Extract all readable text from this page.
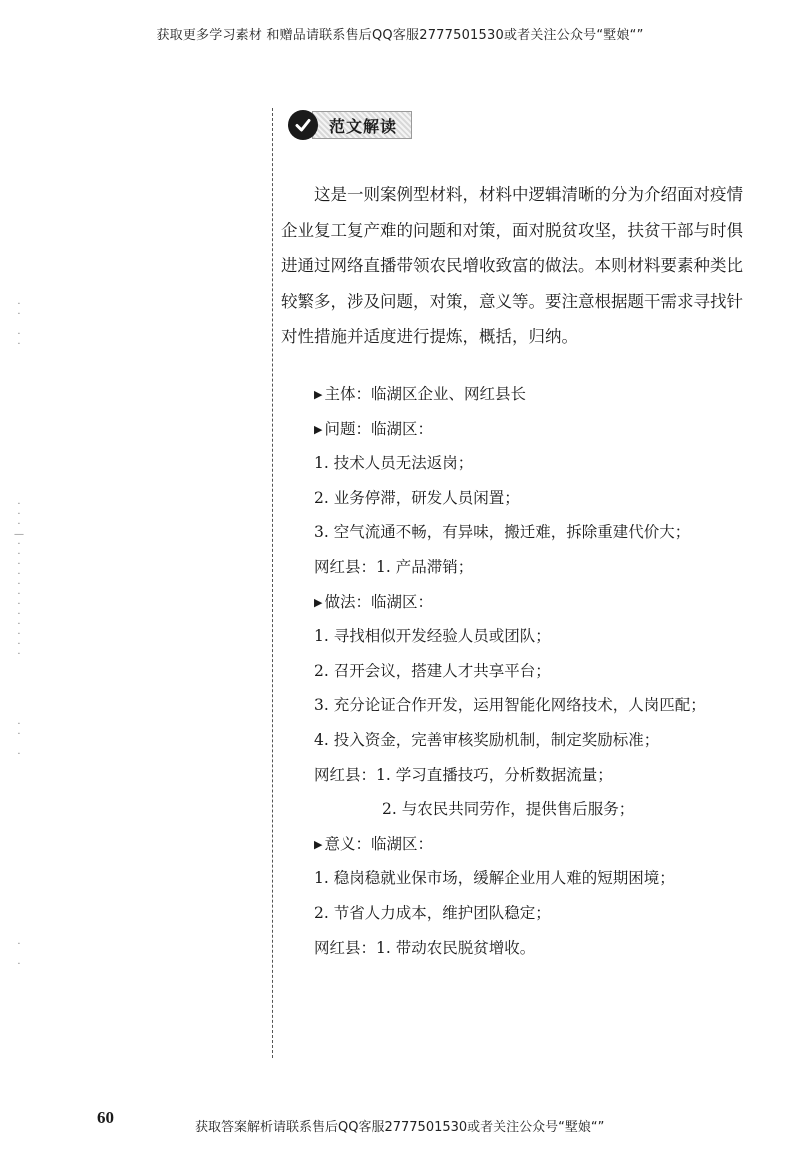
获取更多学习素材 和赠品请联系售后QQ客服2777501530或者关注公众号“墅娘“”
·
·

·
·
·
·
·
—
·
·
·
·
·
·
·
·
·
·
·
·
·
·

·
·

·
范文解读
　　这是一则案例型材料，材料中逻辑清晰的分为介绍面对疫情
企业复工复产难的问题和对策，面对脱贫攻坚，扶贫干部与时俱
进通过网络直播带领农民增收致富的做法。本则材料要素种类比
较繁多，涉及问题，对策，意义等。要注意根据题干需求寻找针
对性措施并适度进行提炼，概括，归纳。
▶ 主体：临湖区企业、网红县长
▶ 问题：临湖区：
1. 技术人员无法返岗；
2. 业务停滞，研发人员闲置；
3. 空气流通不畅，有异味，搬迁难，拆除重建代价大；
网红县：1. 产品滞销；
▶ 做法：临湖区：
1. 寻找相似开发经验人员或团队；
2. 召开会议，搭建人才共享平台；
3. 充分论证合作开发，运用智能化网络技术，人岗匹配；
4. 投入资金，完善审核奖励机制，制定奖励标准；
网红县：1. 学习直播技巧，分析数据流量；
2. 与农民共同劳作，提供售后服务；
▶ 意义：临湖区：
1. 稳岗稳就业保市场，缓解企业用人难的短期困境；
2. 节省人力成本，维护团队稳定；
网红县：1. 带动农民脱贫增收。
60
获取答案解析请联系售后QQ客服2777501530或者关注公众号“墅娘“”
